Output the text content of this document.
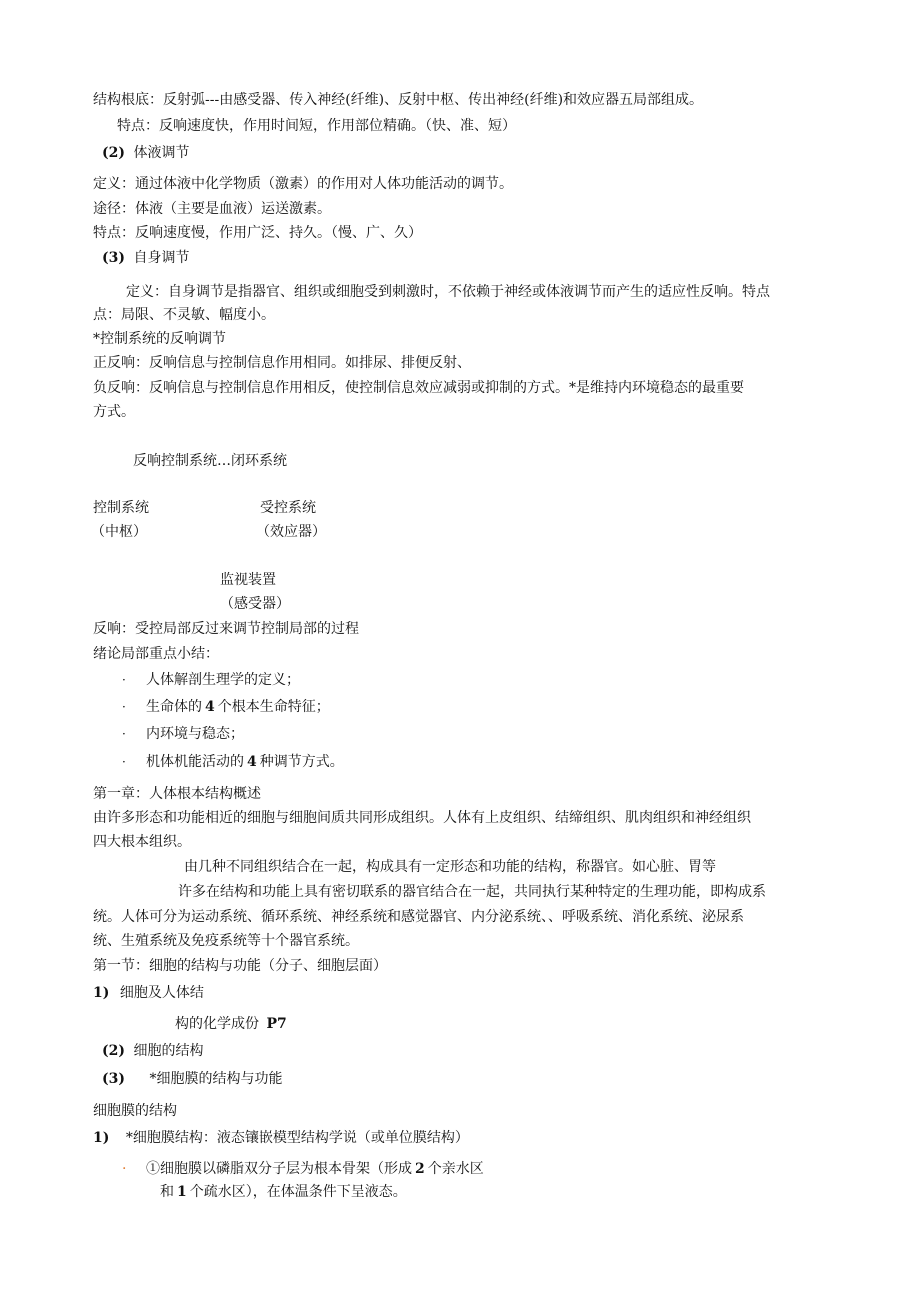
结构根底：反射弧---由感受器、传入神经(纤维)、反射中枢、传出神经(纤维)和效应器五局部组成。
特点：反响速度快，作用时间短，作用部位精确。（快、准、短）
(2) 体液调节
定义：通过体液中化学物质（激素）的作用对人体功能活动的调节。
途径：体液（主要是血液）运送激素。
特点：反响速度慢，作用广泛、持久。（慢、广、久）
(3) 自身调节
定义：自身调节是指器官、组织或细胞受到刺激时，不依赖于神经或体液调节而产生的适应性反响。特点
点：局限、不灵敏、幅度小。
*控制系统的反响调节
正反响：反响信息与控制信息作用相同。如排尿、排便反射、
负反响：反响信息与控制信息作用相反，使控制信息效应减弱或抑制的方式。*是维持内环境稳态的最重要
方式。
反响控制系统…闭环系统
控制系统	受控系统
（中枢）	（效应器）
监视装置
（感受器）
反响：受控局部反过来调节控制局部的过程
绪论局部重点小结：
· 人体解剖生理学的定义；
· 生命体的 4 个根本生命特征；
· 内环境与稳态；
· 机体机能活动的 4 种调节方式。
第一章：人体根本结构概述
由许多形态和功能相近的细胞与细胞间质共同形成组织。人体有上皮组织、结缔组织、肌肉组织和神经组织
四大根本组织。
由几种不同组织结合在一起，构成具有一定形态和功能的结构，称器官。如心脏、胃等
许多在结构和功能上具有密切联系的器官结合在一起，共同执行某种特定的生理功能，即构成系
统。人体可分为运动系统、循环系统、神经系统和感觉器官、内分泌系统、、呼吸系统、消化系统、泌尿系
统、生殖系统及免疫系统等十个器官系统。
第一节：细胞的结构与功能（分子、细胞层面）
1) 细胞及人体结
构的化学成份 P7
(2) 细胞的结构
(3) *细胞膜的结构与功能
细胞膜的结构
1) *细胞膜结构：液态镶嵌模型结构学说（或单位膜结构）
· ①细胞膜以磷脂双分子层为根本骨架（形成 2 个亲水区
和 1 个疏水区），在体温条件下呈液态。
